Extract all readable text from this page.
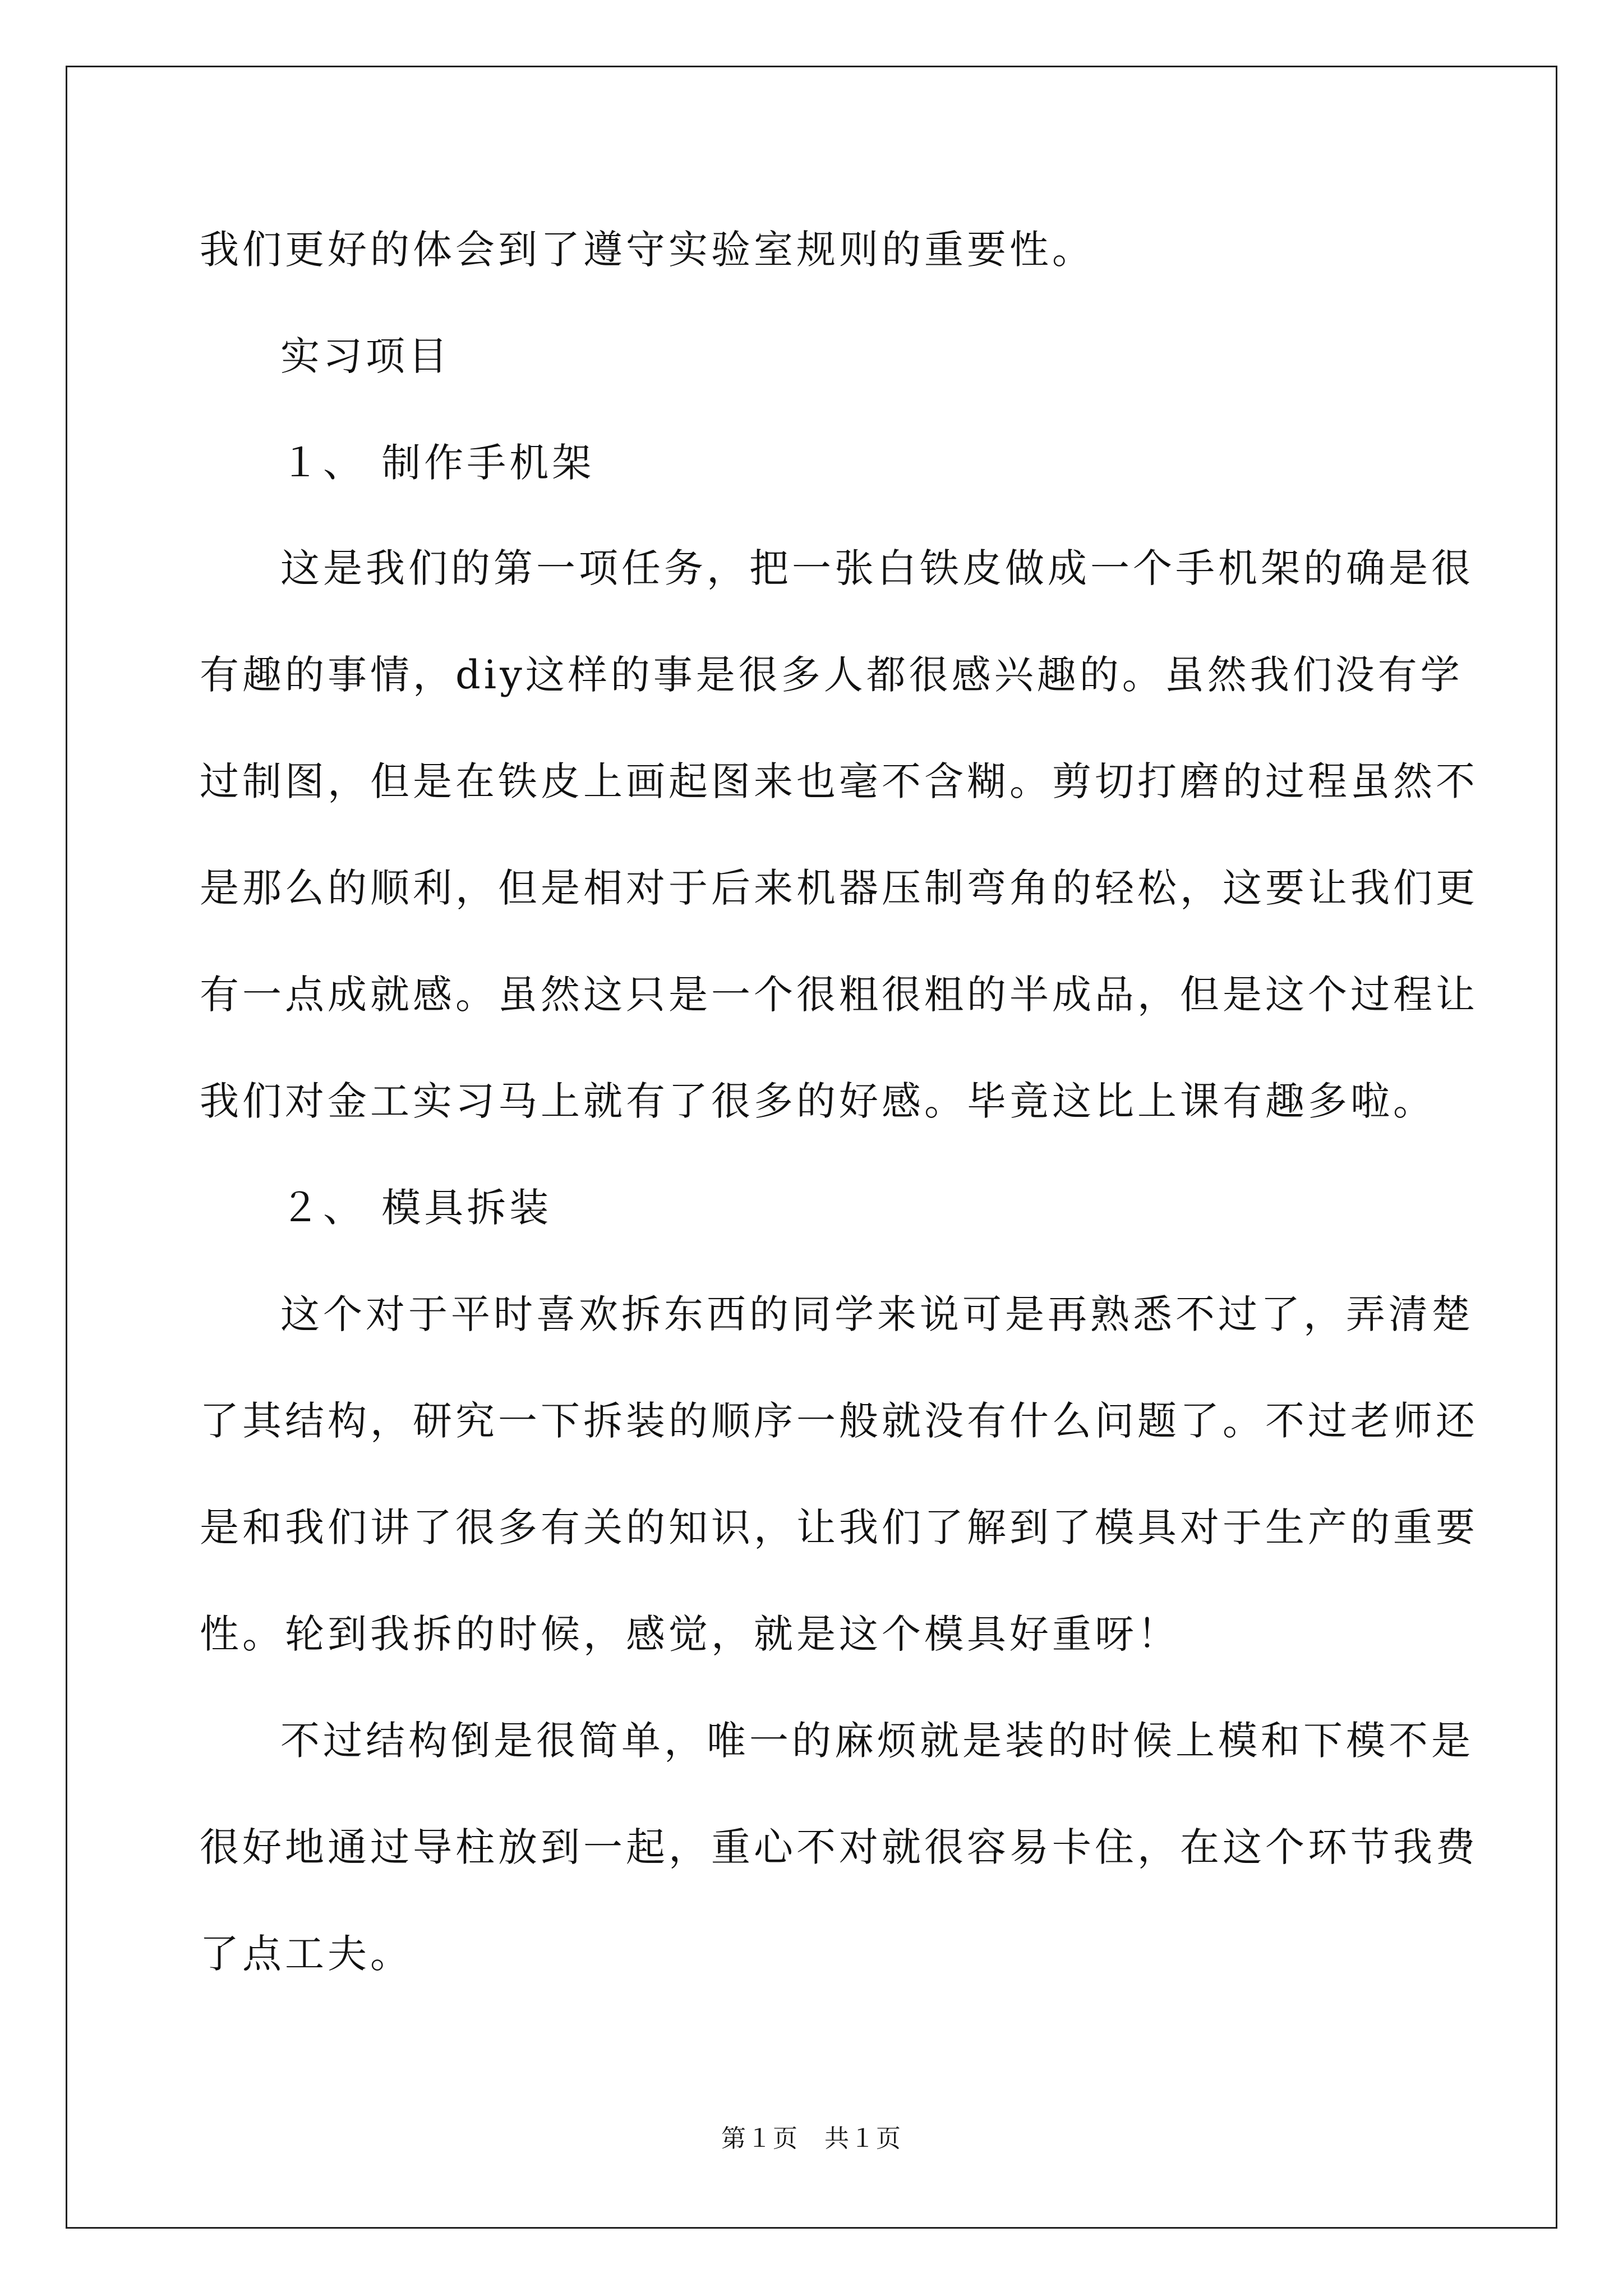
我们更好的体会到了遵守实验室规则的重要性。
实习项目
１、 制作手机架
这是我们的第一项任务，把一张白铁皮做成一个手机架的确是很
有趣的事情，diy这样的事是很多人都很感兴趣的。虽然我们没有学
过制图，但是在铁皮上画起图来也毫不含糊。剪切打磨的过程虽然不
是那么的顺利，但是相对于后来机器压制弯角的轻松，这要让我们更
有一点成就感。虽然这只是一个很粗很粗的半成品，但是这个过程让
我们对金工实习马上就有了很多的好感。毕竟这比上课有趣多啦。
２、 模具拆装
这个对于平时喜欢拆东西的同学来说可是再熟悉不过了，弄清楚
了其结构，研究一下拆装的顺序一般就没有什么问题了。不过老师还
是和我们讲了很多有关的知识，让我们了解到了模具对于生产的重要
性。轮到我拆的时候，感觉，就是这个模具好重呀！
不过结构倒是很简单，唯一的麻烦就是装的时候上模和下模不是
很好地通过导柱放到一起，重心不对就很容易卡住，在这个环节我费
了点工夫。
第１页　共１页
